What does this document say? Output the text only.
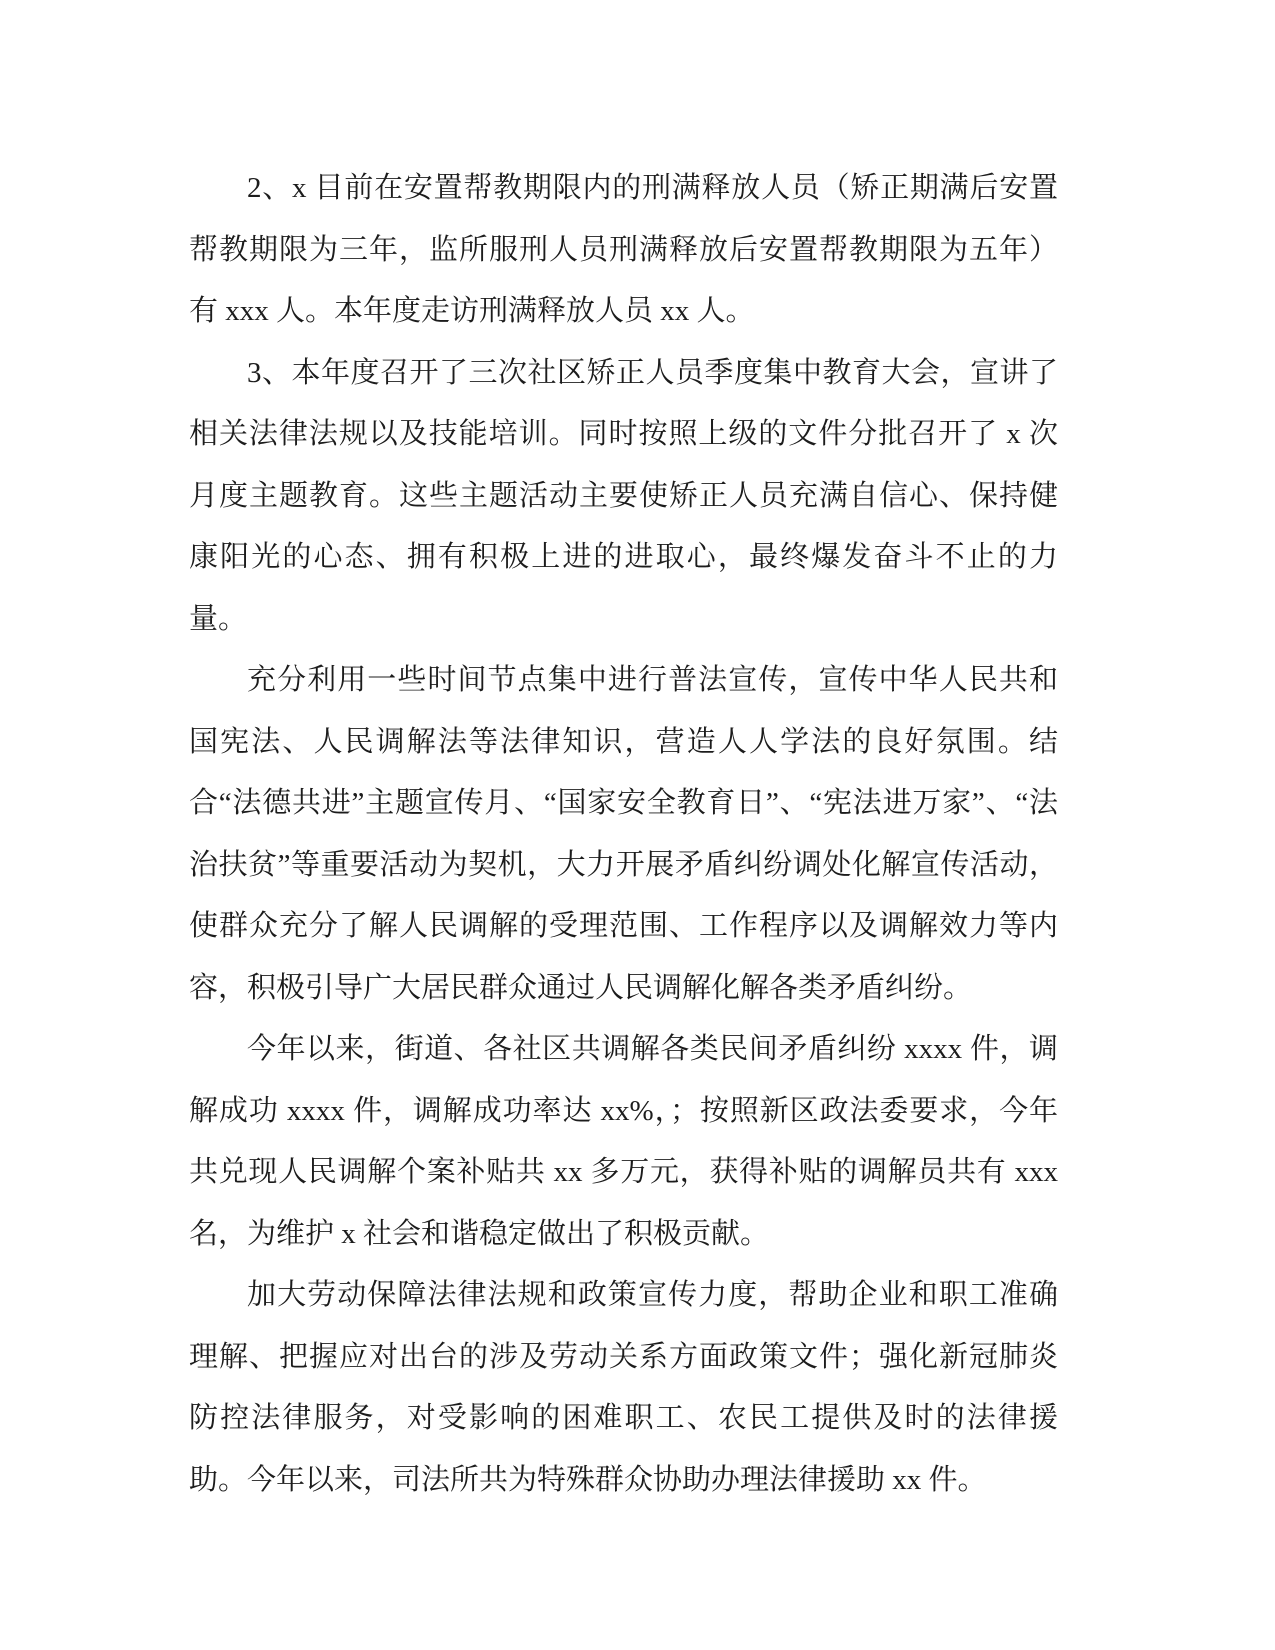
2、x 目前在安置帮教期限内的刑满释放人员（矫正期满后安置帮教期限为三年，监所服刑人员刑满释放后安置帮教期限为五年）有 xxx 人。本年度走访刑满释放人员 xx 人。

3、本年度召开了三次社区矫正人员季度集中教育大会，宣讲了相关法律法规以及技能培训。同时按照上级的文件分批召开了 x 次月度主题教育。这些主题活动主要使矫正人员充满自信心、保持健康阳光的心态、拥有积极上进的进取心，最终爆发奋斗不止的力量。

充分利用一些时间节点集中进行普法宣传，宣传中华人民共和国宪法、人民调解法等法律知识，营造人人学法的良好氛围。结合“法德共进”主题宣传月、“国家安全教育日”、“宪法进万家”、“法治扶贫”等重要活动为契机，大力开展矛盾纠纷调处化解宣传活动，使群众充分了解人民调解的受理范围、工作程序以及调解效力等内容，积极引导广大居民群众通过人民调解化解各类矛盾纠纷。

今年以来，街道、各社区共调解各类民间矛盾纠纷 xxxx 件，调解成功 xxxx 件，调解成功率达 xx%，；按照新区政法委要求，今年共兑现人民调解个案补贴共 xx 多万元，获得补贴的调解员共有 xxx 名，为维护 x 社会和谐稳定做出了积极贡献。

加大劳动保障法律法规和政策宣传力度，帮助企业和职工准确理解、把握应对出台的涉及劳动关系方面政策文件；强化新冠肺炎防控法律服务，对受影响的困难职工、农民工提供及时的法律援助。今年以来，司法所共为特殊群众协助办理法律援助 xx 件。
